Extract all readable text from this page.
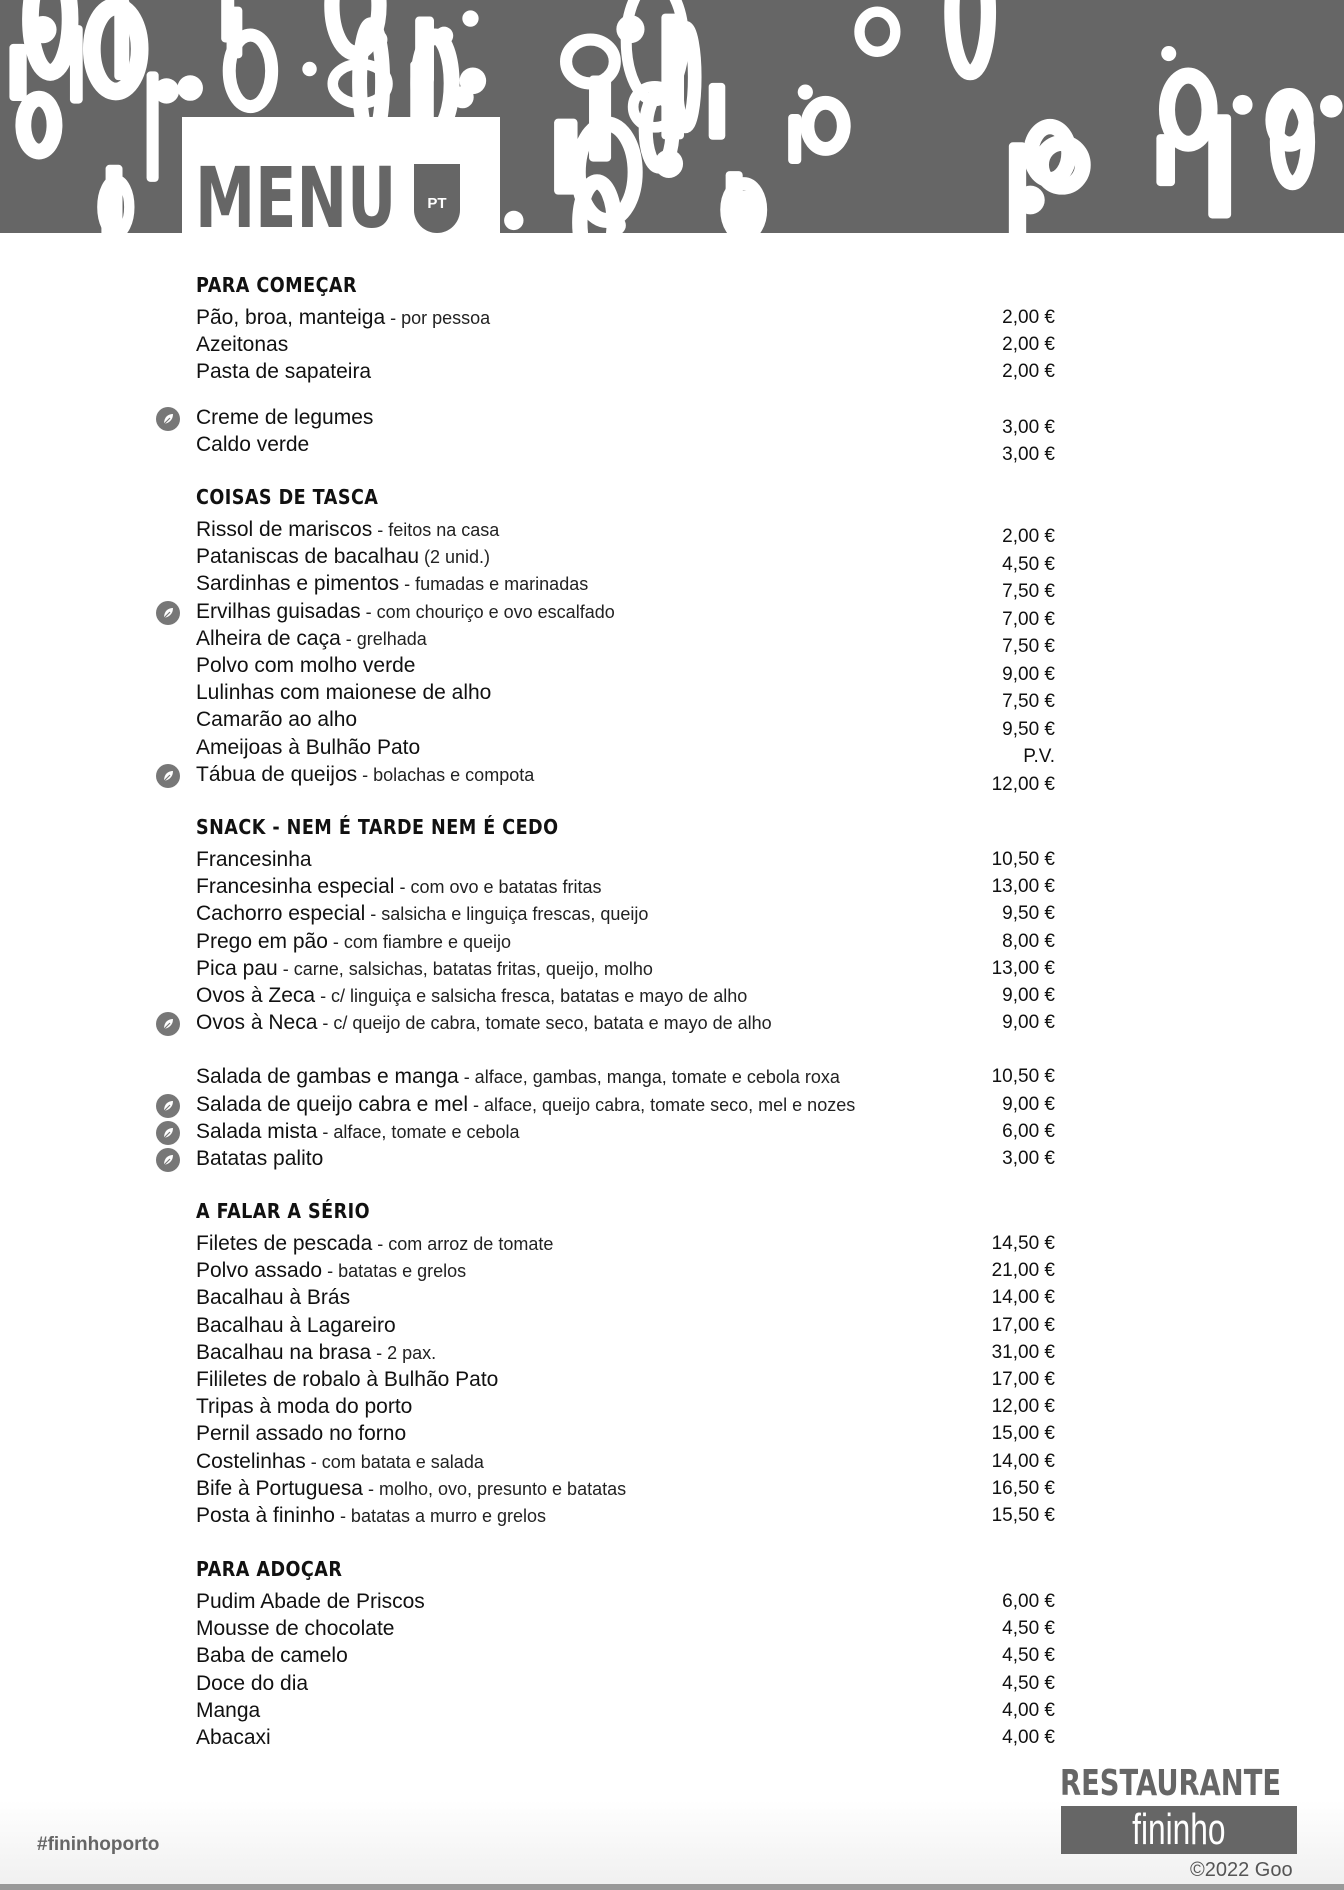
MENU	PT
PARA COMEÇAR
Pão, broa, manteiga - por pessoa	2,00 €
Azeitonas	2,00 €
Pasta de sapateira	2,00 €
Creme de legumes	3,00 €
Caldo verde	3,00 €
COISAS DE TASCA
Rissol de mariscos - feitos na casa	2,00 €
Pataniscas de bacalhau (2 unid.)	4,50 €
Sardinhas e pimentos - fumadas e marinadas	7,50 €
Ervilhas guisadas - com chouriço e ovo escalfado	7,00 €
Alheira de caça - grelhada	7,50 €
Polvo com molho verde	9,00 €
Lulinhas com maionese de alho	7,50 €
Camarão ao alho	9,50 €
Ameijoas à Bulhão Pato	P.V.
Tábua de queijos - bolachas e compota	12,00 €
SNACK - NEM É TARDE NEM É CEDO
Francesinha	10,50 €
Francesinha especial - com ovo e batatas fritas	13,00 €
Cachorro especial - salsicha e linguiça frescas, queijo	9,50 €
Prego em pão - com fiambre e queijo	8,00 €
Pica pau - carne, salsichas, batatas fritas, queijo, molho	13,00 €
Ovos à Zeca - c/ linguiça e salsicha fresca, batatas e mayo de alho	9,00 €
Ovos à Neca - c/ queijo de cabra, tomate seco, batata e mayo de alho	9,00 €
Salada de gambas e manga - alface, gambas, manga, tomate e cebola roxa	10,50 €
Salada de queijo cabra e mel - alface, queijo cabra, tomate seco, mel e nozes	9,00 €
Salada mista - alface, tomate e cebola	6,00 €
Batatas palito	3,00 €
A FALAR A SÉRIO
Filetes de pescada - com arroz de tomate	14,50 €
Polvo assado - batatas e grelos	21,00 €
Bacalhau à Brás	14,00 €
Bacalhau à Lagareiro	17,00 €
Bacalhau na brasa - 2 pax.	31,00 €
Fililetes de robalo à Bulhão Pato	17,00 €
Tripas à moda do porto	12,00 €
Pernil assado no forno	15,00 €
Costelinhas - com batata e salada	14,00 €
Bife à Portuguesa - molho, ovo, presunto e batatas	16,50 €
Posta à fininho - batatas a murro e grelos	15,50 €
PARA ADOÇAR
Pudim Abade de Priscos	6,00 €
Mousse de chocolate	4,50 €
Baba de camelo	4,50 €
Doce do dia	4,50 €
Manga	4,00 €
Abacaxi	4,00 €
#fininhoporto
RESTAURANTE
fininho
©2022 Goo
